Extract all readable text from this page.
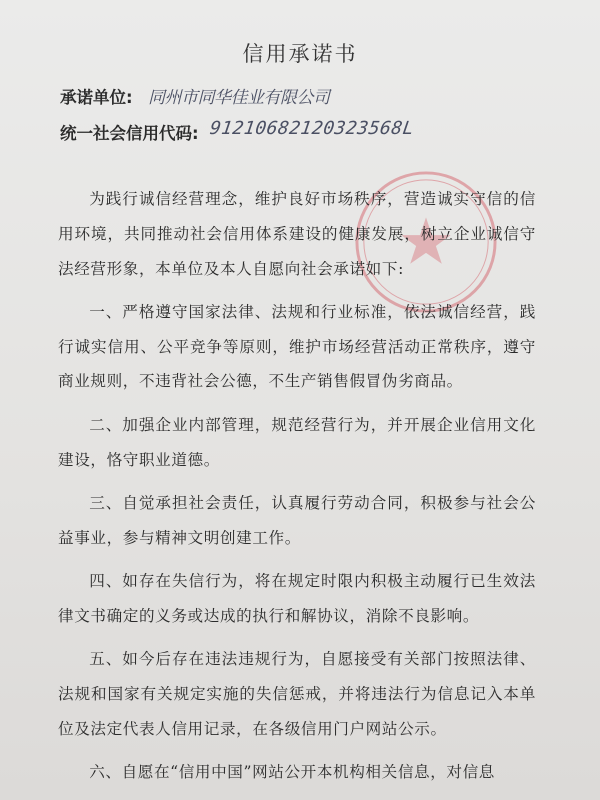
信用承诺书
承诺单位: 同州市同华佳业有限公司
统一社会信用代码: 91210682120323568L

为践行诚信经营理念，维护良好市场秩序，营造诚实守信的信用环境，共同推动社会信用体系建设的健康发展，树立企业诚信守法经营形象，本单位及本人自愿向社会承诺如下:

一、严格遵守国家法律、法规和行业标准，依法诚信经营，践行诚实信用、公平竞争等原则，维护市场经营活动正常秩序，遵守商业规则，不违背社会公德，不生产销售假冒伪劣商品。

二、加强企业内部管理，规范经营行为，并开展企业信用文化建设，恪守职业道德。

三、自觉承担社会责任，认真履行劳动合同，积极参与社会公益事业，参与精神文明创建工作。

四、如存在失信行为，将在规定时限内积极主动履行已生效法律文书确定的义务或达成的执行和解协议，消除不良影响。

五、如今后存在违法违规行为，自愿接受有关部门按照法律、法规和国家有关规定实施的失信惩戒，并将违法行为信息记入本单位及法定代表人信用记录，在各级信用门户网站公示。

六、自愿在“信用中国”网站公开本机构相关信息，对信息
